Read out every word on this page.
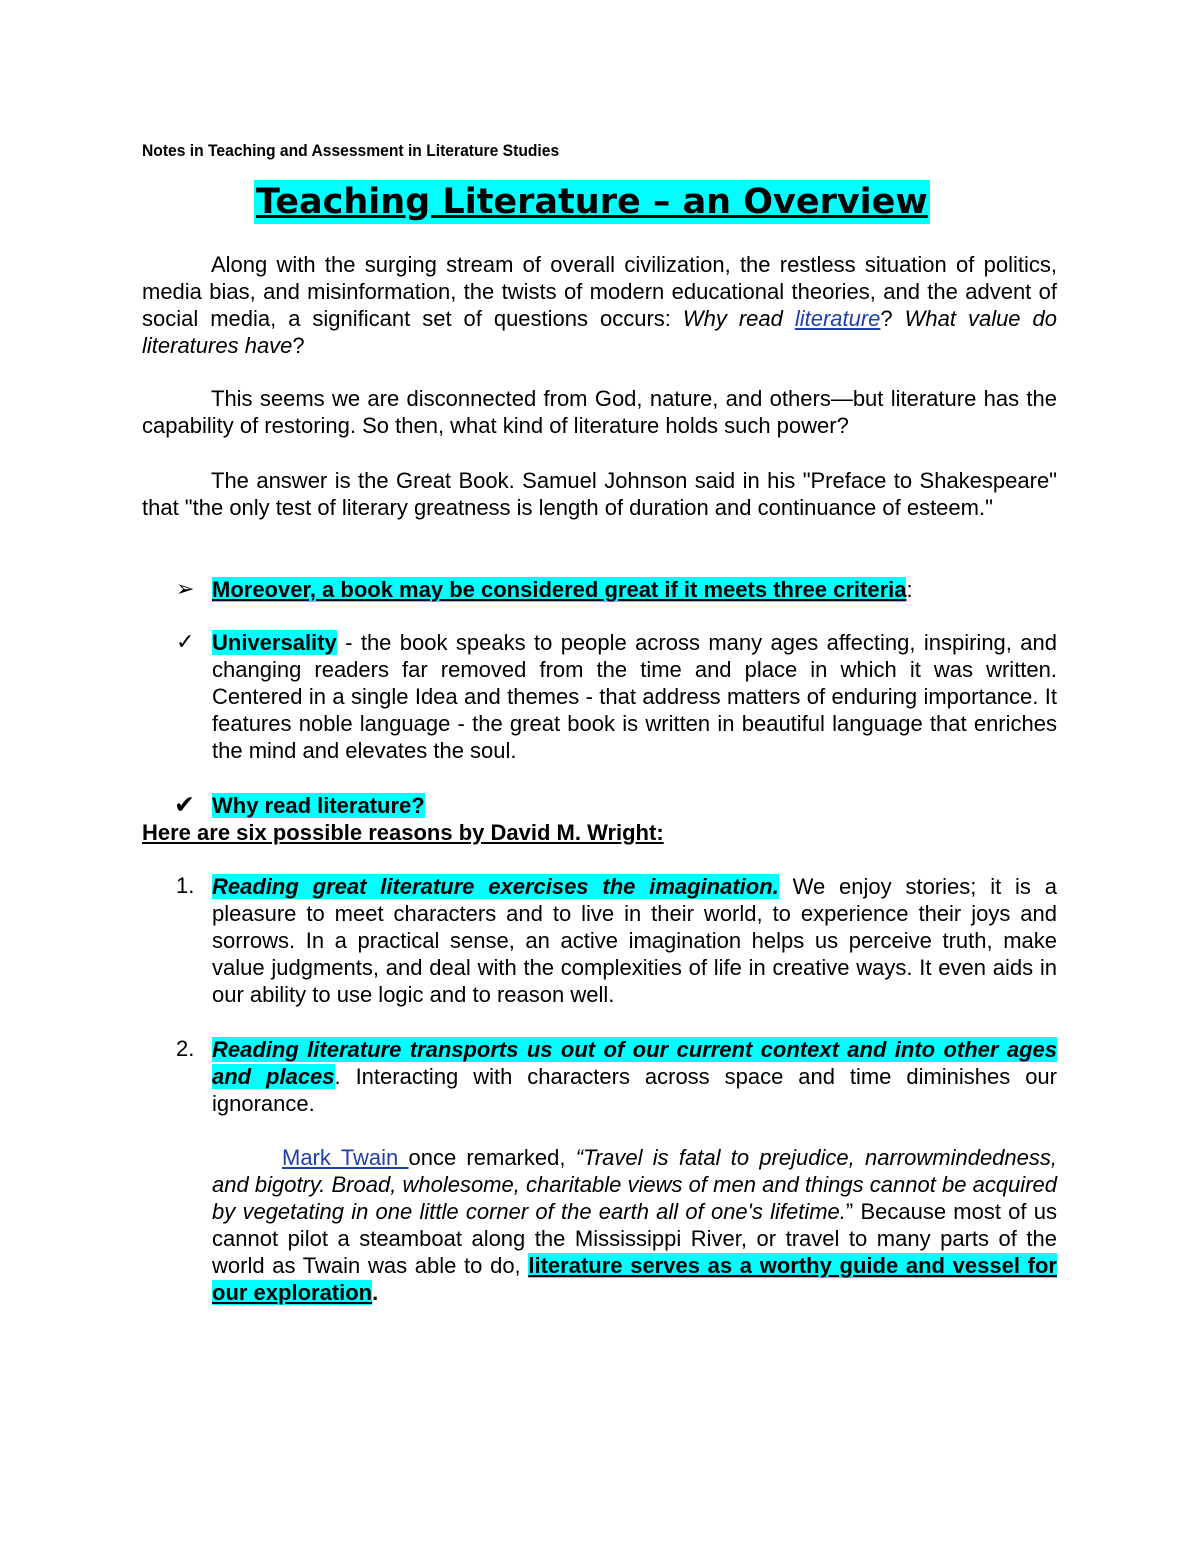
Notes in Teaching and Assessment in Literature Studies
Teaching Literature – an Overview
Along with the surging stream of overall civilization, the restless situation of politics, media bias, and misinformation, the twists of modern educational theories, and the advent of social media, a significant set of questions occurs: Why read literature? What value do literatures have?
This seems we are disconnected from God, nature, and others—but literature has the capability of restoring. So then, what kind of literature holds such power?
The answer is the Great Book. Samuel Johnson said in his "Preface to Shakespeare" that "the only test of literary greatness is length of duration and continuance of esteem."
➢ Moreover, a book may be considered great if it meets three criteria:
✓ Universality - the book speaks to people across many ages affecting, inspiring, and changing readers far removed from the time and place in which it was written. Centered in a single Idea and themes - that address matters of enduring importance. It features noble language - the great book is written in beautiful language that enriches the mind and elevates the soul.
✔ Why read literature?
Here are six possible reasons by David M. Wright:
1. Reading great literature exercises the imagination. We enjoy stories; it is a pleasure to meet characters and to live in their world, to experience their joys and sorrows. In a practical sense, an active imagination helps us perceive truth, make value judgments, and deal with the complexities of life in creative ways. It even aids in our ability to use logic and to reason well.
2. Reading literature transports us out of our current context and into other ages and places. Interacting with characters across space and time diminishes our ignorance.
Mark Twain once remarked, “Travel is fatal to prejudice, narrowmindedness, and bigotry. Broad, wholesome, charitable views of men and things cannot be acquired by vegetating in one little corner of the earth all of one's lifetime.” Because most of us cannot pilot a steamboat along the Mississippi River, or travel to many parts of the world as Twain was able to do, literature serves as a worthy guide and vessel for our exploration.
